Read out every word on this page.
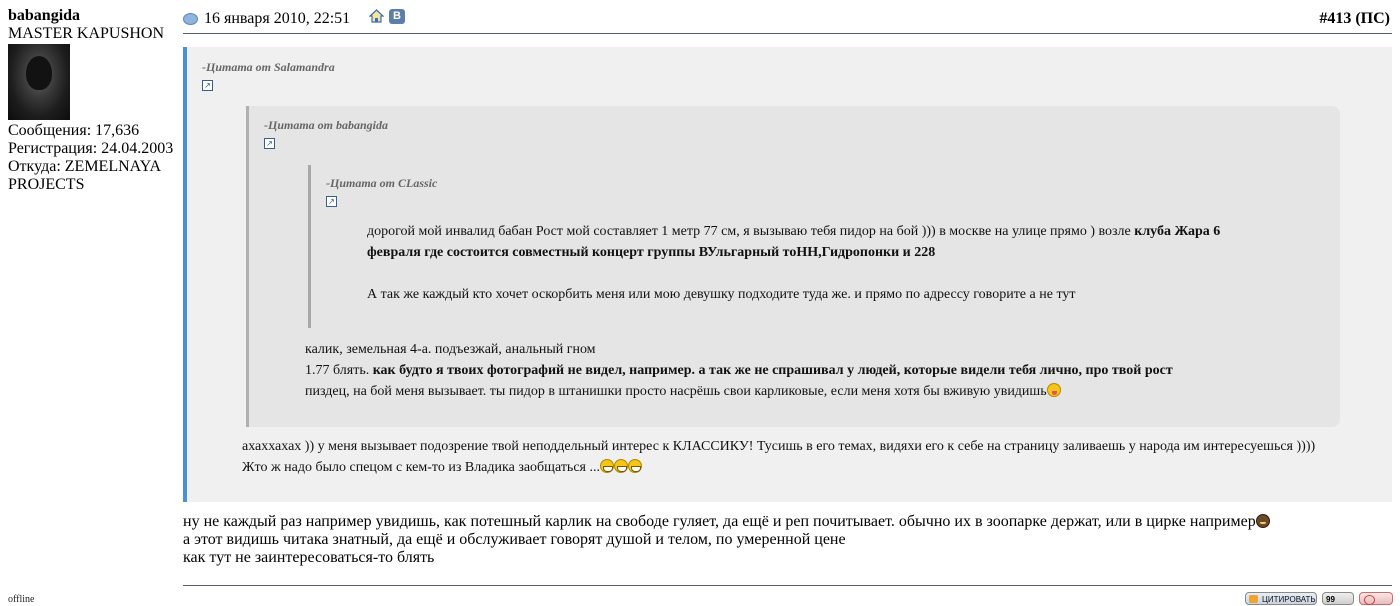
babangida
MASTER KAPUSHON
Сообщения: 17,636
Регистрация: 24.04.2003
Откуда: ZEMELNAYA
PROJECTS
offline
16 января 2010, 22:51	B	#413 (ПС)
-Цитата от Salamandra
↗
-Цитата от babangida
↗
-Цитата от CLassic
↗
дорогой мой инвалид бабан Рост мой составляет 1 метр 77 см, я вызываю тебя пидор на бой ))) в москве на улице прямо ) возле клуба Жара 6
февраля где состоится совместный концерт группы ВУльгарный тоНН,Гидропонки и 228

А так же каждый кто хочет оскорбить меня или мою девушку подходите туда же. и прямо по адрессу говорите а не тут
калик, земельная 4-а. подъезжай, анальный гном
1.77 блять. как будто я твоих фотографий не видел, например. а так же не спрашивал у людей, которые видели тебя лично, про твой рост
пиздец, на бой меня вызывает. ты пидор в штанишки просто насрёшь свои карликовые, если меня хотя бы вживую увидишь
ахаххахах )) у меня вызывает подозрение твой неподдельный интерес к КЛАССИКУ! Тусишь в его темах, видяхи его к себе на страницу заливаешь у народа им интересуешься ))))
Жто ж надо было спецом с кем-то из Владика заобщаться ...
ну не каждый раз например увидишь, как потешный карлик на свободе гуляет, да ещё и реп почитывает. обычно их в зоопарке держат, или в цирке например
а этот видишь читака знатный, да ещё и обслуживает говорят душой и телом, по умеренной цене
как тут не заинтересоваться-то блять
ЦИТИРОВАТЬ	99
